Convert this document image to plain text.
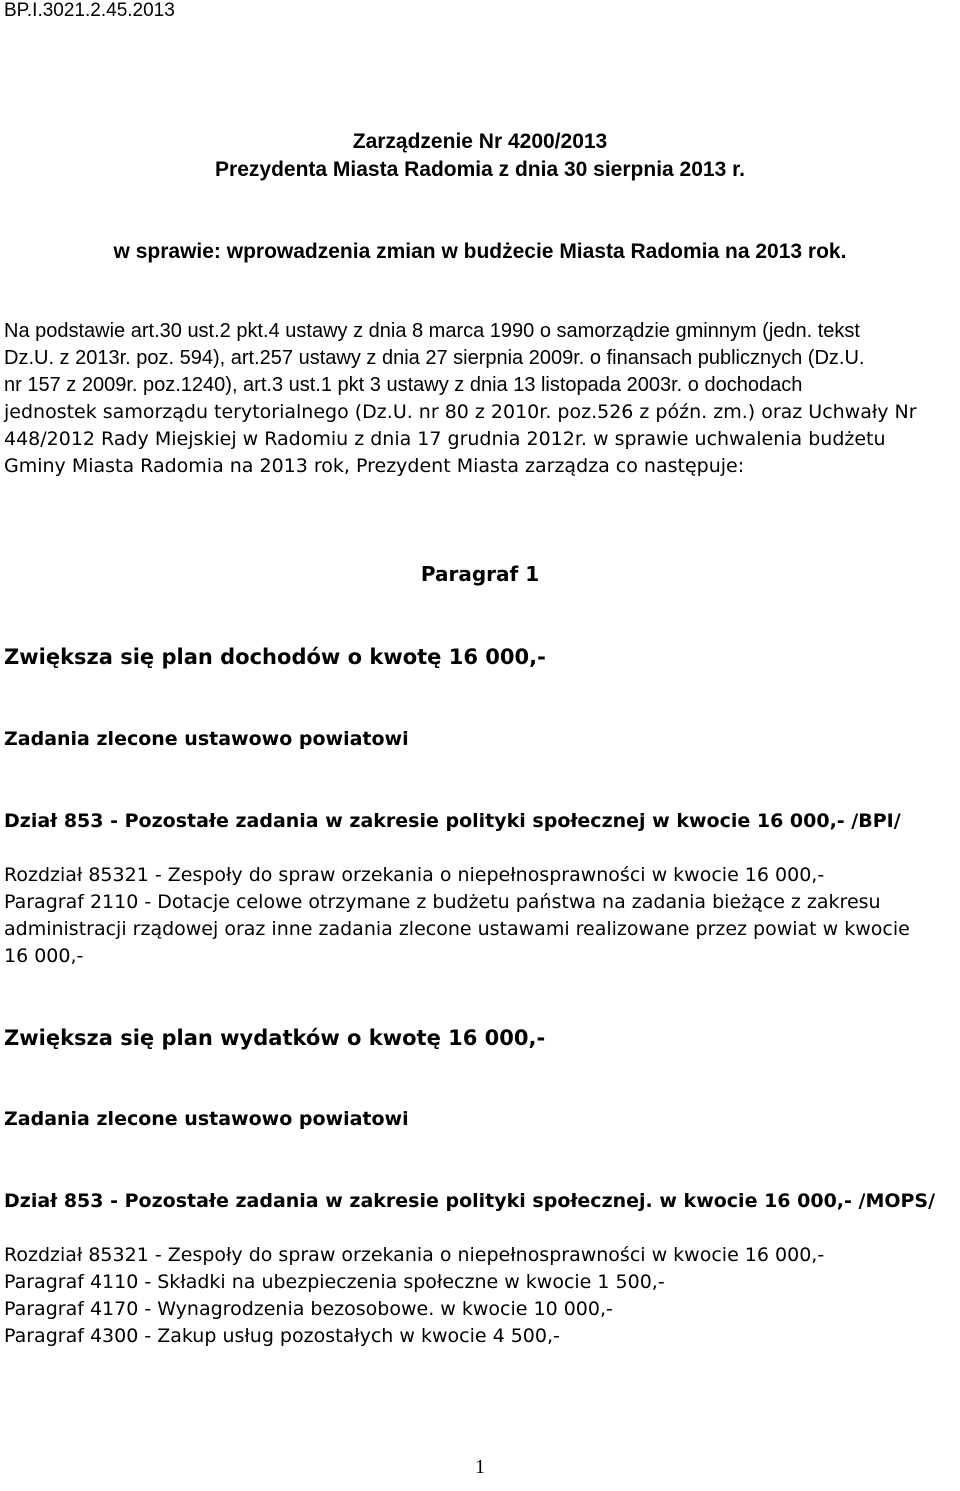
BP.I.3021.2.45.2013
Zarządzenie Nr 4200/2013
Prezydenta Miasta Radomia z dnia 30 sierpnia 2013 r.
w sprawie: wprowadzenia zmian w budżecie Miasta Radomia na 2013 rok.
Na podstawie art.30 ust.2 pkt.4 ustawy z dnia 8 marca 1990 o samorządzie gminnym (jedn. tekst
Dz.U. z 2013r. poz. 594), art.257 ustawy z dnia 27 sierpnia 2009r. o finansach publicznych (Dz.U.
nr 157 z 2009r. poz.1240), art.3 ust.1 pkt 3 ustawy z dnia 13 listopada 2003r. o dochodach
jednostek samorządu terytorialnego (Dz.U. nr 80 z 2010r. poz.526 z późn. zm.) oraz Uchwały Nr
448/2012 Rady Miejskiej w Radomiu z dnia 17 grudnia 2012r. w sprawie uchwalenia budżetu
Gminy Miasta Radomia na 2013 rok, Prezydent Miasta zarządza co następuje:
Paragraf 1
Zwiększa się plan dochodów o kwotę 16 000,-
Zadania zlecone ustawowo powiatowi
Dział 853 - Pozostałe zadania w zakresie polityki społecznej w kwocie 16 000,- /BPI/
Rozdział 85321 - Zespoły do spraw orzekania o niepełnosprawności w kwocie 16 000,-
Paragraf 2110 - Dotacje celowe otrzymane z budżetu państwa na zadania bieżące z zakresu
administracji rządowej oraz inne zadania zlecone ustawami realizowane przez powiat w kwocie
16 000,-
Zwiększa się plan wydatków o kwotę 16 000,-
Zadania zlecone ustawowo powiatowi
Dział 853 - Pozostałe zadania w zakresie polityki społecznej. w kwocie 16 000,- /MOPS/
Rozdział 85321 - Zespoły do spraw orzekania o niepełnosprawności w kwocie 16 000,-
Paragraf 4110 - Składki na ubezpieczenia społeczne w kwocie 1 500,-
Paragraf 4170 - Wynagrodzenia bezosobowe. w kwocie 10 000,-
Paragraf 4300 - Zakup usług pozostałych w kwocie 4 500,-
1
